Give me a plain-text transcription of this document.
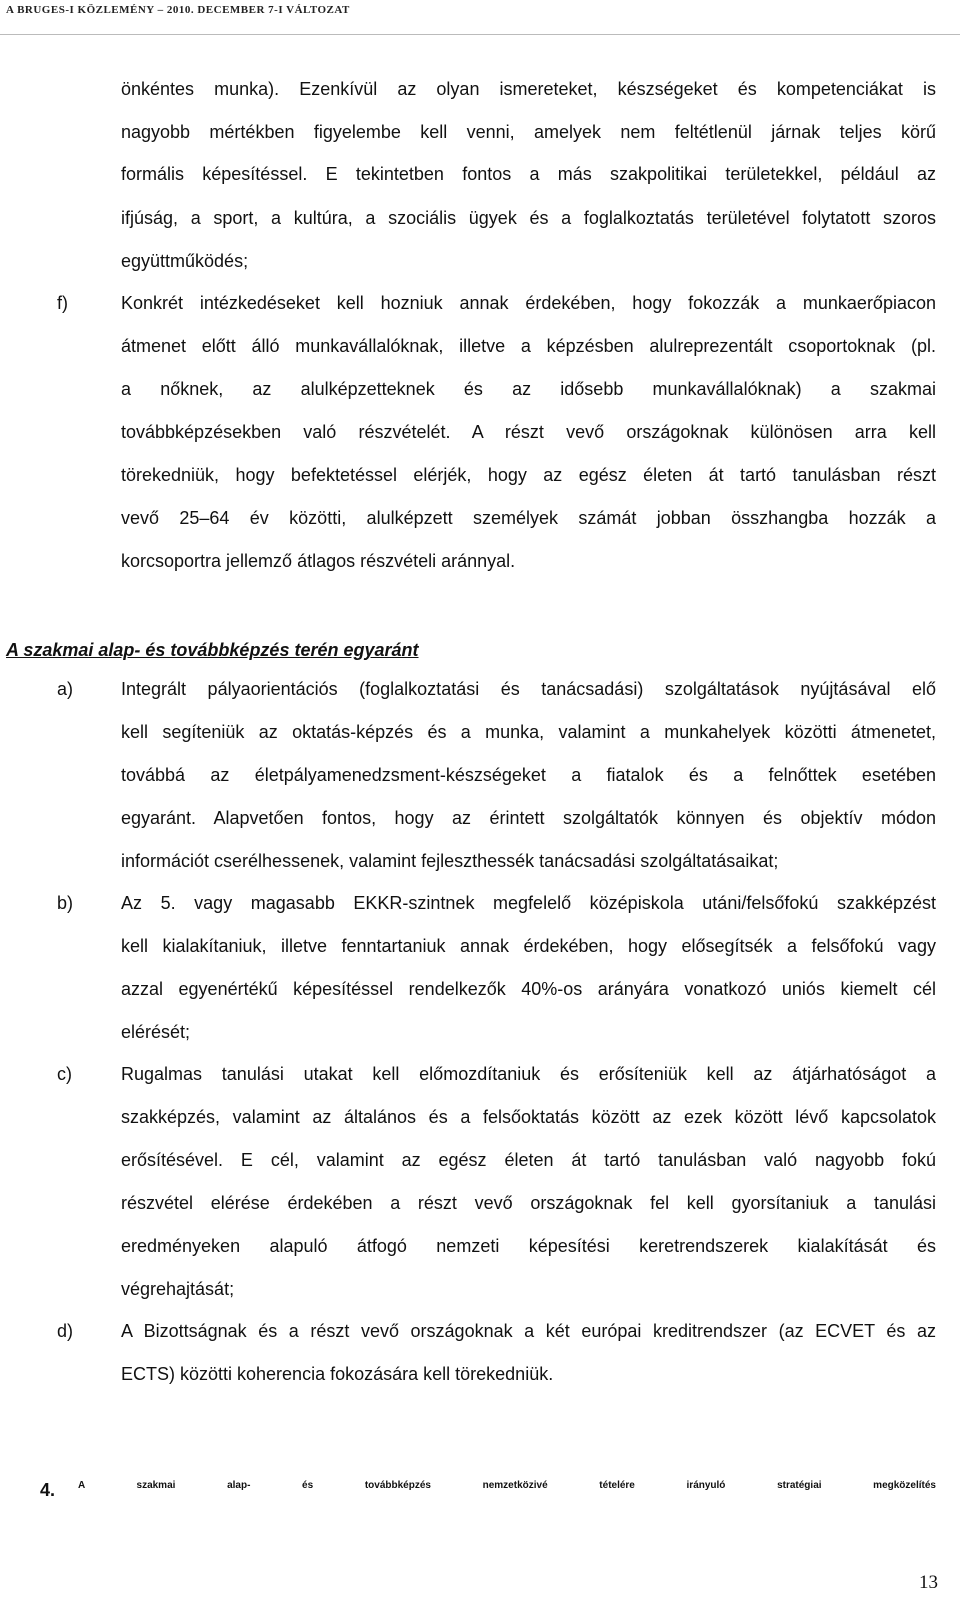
A BRUGES-I KÖZLEMÉNY – 2010. DECEMBER 7-I VÁLTOZAT
önkéntes munka). Ezenkívül az olyan ismereteket, készségeket és kompetenciákat is
nagyobb mértékben figyelembe kell venni, amelyek nem feltétlenül járnak teljes körű
formális képesítéssel. E tekintetben fontos a más szakpolitikai területekkel, például az
ifjúság, a sport, a kultúra, a szociális ügyek és a foglalkoztatás területével folytatott szoros
együttműködés;
f)	Konkrét intézkedéseket kell hozniuk annak érdekében, hogy fokozzák a munkaerőpiacon
átmenet előtt álló munkavállalóknak, illetve a képzésben alulreprezentált csoportoknak (pl.
a nőknek, az alulképzetteknek és az idősebb munkavállalóknak) a szakmai
továbbképzésekben való részvételét. A részt vevő országoknak különösen arra kell
törekedniük, hogy befektetéssel elérjék, hogy az egész életen át tartó tanulásban részt
vevő 25–64 év közötti, alulképzett személyek számát jobban összhangba hozzák a
korcsoportra jellemző átlagos részvételi aránnyal.
A szakmai alap- és továbbképzés terén egyaránt
a)	Integrált pályaorientációs (foglalkoztatási és tanácsadási) szolgáltatások nyújtásával elő
kell segíteniük az oktatás-képzés és a munka, valamint a munkahelyek közötti átmenetet,
továbbá az életpályamenedzsment-készségeket a fiatalok és a felnőttek esetében
egyaránt. Alapvetően fontos, hogy az érintett szolgáltatók könnyen és objektív módon
információt cserélhessenek, valamint fejleszthessék tanácsadási szolgáltatásaikat;
b)	Az 5. vagy magasabb EKKR-szintnek megfelelő középiskola utáni/felsőfokú szakképzést
kell kialakítaniuk, illetve fenntartaniuk annak érdekében, hogy elősegítsék a felsőfokú vagy
azzal egyenértékű képesítéssel rendelkezők 40%-os arányára vonatkozó uniós kiemelt cél
elérését;
c)	Rugalmas tanulási utakat kell előmozdítaniuk és erősíteniük kell az átjárhatóságot a
szakképzés, valamint az általános és a felsőoktatás között az ezek között lévő kapcsolatok
erősítésével. E cél, valamint az egész életen át tartó tanulásban való nagyobb fokú
részvétel elérése érdekében a részt vevő országoknak fel kell gyorsítaniuk a tanulási
eredményeken alapuló átfogó nemzeti képesítési keretrendszerek kialakítását és
végrehajtását;
d)	A Bizottságnak és a részt vevő országoknak a két európai kreditrendszer (az ECVET és az
ECTS) közötti koherencia fokozására kell törekedniük.
4. A szakmai alap- és továbbképzés nemzetközivé tételére irányuló stratégiai megközelítés
13
